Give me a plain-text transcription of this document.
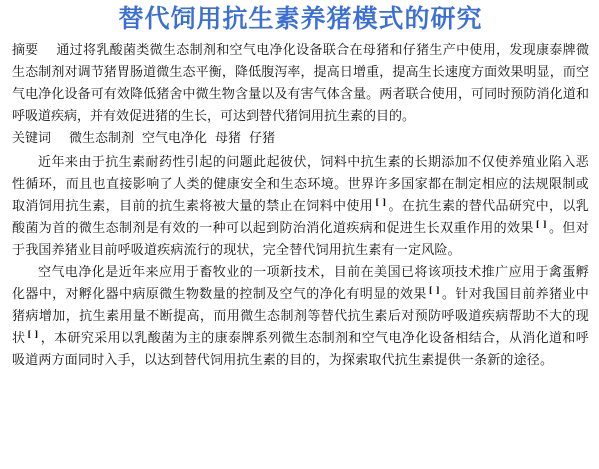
替代饲用抗生素养猪模式的研究

摘要 通过将乳酸菌类微生态制剂和空气电净化设备联合在母猪和仔猪生产中使用，发现康泰牌微生态制剂对调节猪胃肠道微生态平衡，降低腹泻率，提高日增重，提高生长速度方面效果明显，而空气电净化设备可有效降低猪舍中微生物含量以及有害气体含量。两者联合使用，可同时预防消化道和呼吸道疾病，并有效促进猪的生长，可达到替代猪饲用抗生素的目的。

关键词 微生态制剂 空气电净化 母猪 仔猪

近年来由于抗生素耐药性引起的问题此起彼伏，饲料中抗生素的长期添加不仅使养殖业陷入恶性循环，而且也直接影响了人类的健康安全和生态环境。世界许多国家都在制定相应的法规限制或取消饲用抗生素，目前的抗生素将被大量的禁止在饲料中使用 [ ] 。在抗生素的替代品研究中，以乳酸菌为首的微生态制剂是有效的一种可以起到防治消化道疾病和促进生长双重作用的效果 [ ] 。但对于我国养猪业目前呼吸道疾病流行的现状，完全替代饲用抗生素有一定风险。

空气电净化是近年来应用于畜牧业的一项新技术，目前在美国已将该项技术推广应用于禽蛋孵化器中，对孵化器中病原微生物数量的控制及空气的净化有明显的效果 [ ] 。针对我国目前养猪业中猪病增加，抗生素用量不断提高，而用微生态制剂等替代抗生素后对预防呼吸道疾病帮助不大的现状 [ ] ，本研究采用以乳酸菌为主的康泰牌系列微生态制剂和空气电净化设备相结合，从消化道和呼吸道两方面同时入手，以达到替代饲用抗生素的目的，为探索取代抗生素提供一条新的途径。
